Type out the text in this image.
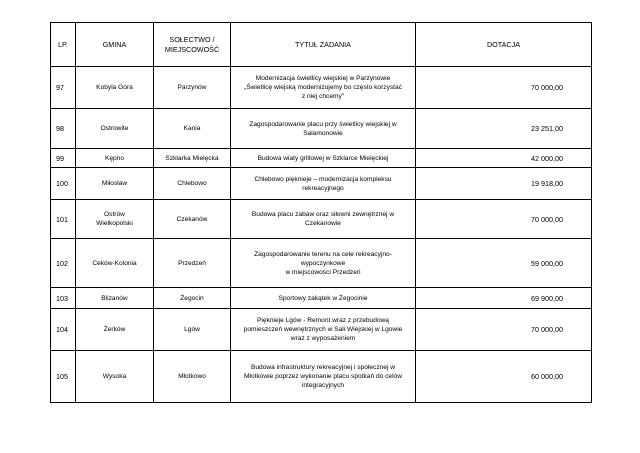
LP.	GMINA	SOŁECTWO /
MIEJSCOWOŚĆ	TYTUŁ ZADANIA	DOTACJA
97	Kobyla Góra	Parzynów	Modernizacja świetlicy wiejskiej w Parzynowie
„Świetlicę wiejską modernizujemy bo często korzystać
z niej chcemy"	70 000,00
98	Ostrowite	Kania	Zagospodarowanie placu przy świetlicy wiejskiej w
Salamonowie	23 251,00
99	Kępno	Szklarka Mielęcka	Budowa wiaty grillowej w Szklarce Mielęckiej	42 000,00
100	Miłosław	Chlebowo	Chlebowo pięknieje – modernizacja kompleksu
rekreacyjnego	19 918,00
101	Ostrów
Wielkopolski	Czekanów	Budowa placu zabaw oraz siłowni zewnętrznej w
Czekanowie	70 000,00
102	Ceków-Kolonia	Przedzeń	Zagospodarowanie terenu na cele rekreacyjno-
wypoczynkowe
w miejscowości Przedzeń	59 000,00
103	Blizanów	Żegocin	Sportowy zakątek w Żegocinie	69 900,00
104	Żerków	Lgów	Pięknieje Lgów - Remont wraz z przebudową
pomieszczeń wewnętrznych w Sali Wiejskiej w Lgowie
wraz z wyposażeniem	70 000,00
105	Wysoka	Młotkowo	Budowa infrastruktury rekreacyjnej i społecznej w
Młotkowie poprzez wykonanie placu spotkań do celów
integracyjnych	60 000,00
